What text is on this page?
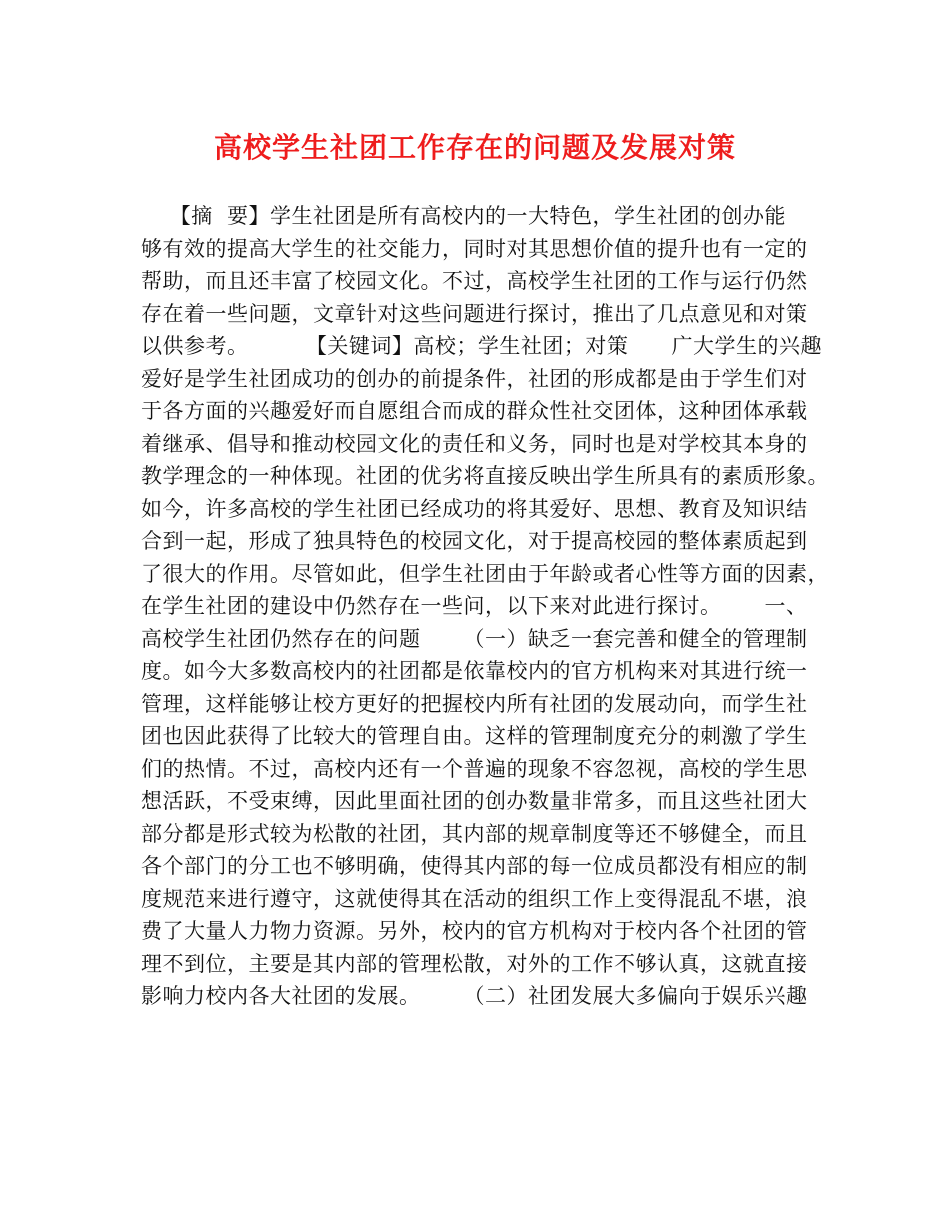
高校学生社团工作存在的问题及发展对策
【摘  要】学生社团是所有高校内的一大特色，学生社团的创办能
够有效的提高大学生的社交能力，同时对其思想价值的提升也有一定的
帮助，而且还丰富了校园文化。不过，高校学生社团的工作与运行仍然
存在着一些问题，文章针对这些问题进行探讨，推出了几点意见和对策
以供参考。        【关键词】高校；学生社团；对策      广大学生的兴趣
爱好是学生社团成功的创办的前提条件，社团的形成都是由于学生们对
于各方面的兴趣爱好而自愿组合而成的群众性社交团体，这种团体承载
着继承、倡导和推动校园文化的责任和义务，同时也是对学校其本身的
教学理念的一种体现。社团的优劣将直接反映出学生所具有的素质形象。
如今，许多高校的学生社团已经成功的将其爱好、思想、教育及知识结
合到一起，形成了独具特色的校园文化，对于提高校园的整体素质起到
了很大的作用。尽管如此，但学生社团由于年龄或者心性等方面的因素，
在学生社团的建设中仍然存在一些问，以下来对此进行探讨。      一、
高校学生社团仍然存在的问题      （一）缺乏一套完善和健全的管理制
度。如今大多数高校内的社团都是依靠校内的官方机构来对其进行统一
管理，这样能够让校方更好的把握校内所有社团的发展动向，而学生社
团也因此获得了比较大的管理自由。这样的管理制度充分的刺激了学生
们的热情。不过，高校内还有一个普遍的现象不容忽视，高校的学生思
想活跃，不受束缚，因此里面社团的创办数量非常多，而且这些社团大
部分都是形式较为松散的社团，其内部的规章制度等还不够健全，而且
各个部门的分工也不够明确，使得其内部的每一位成员都没有相应的制
度规范来进行遵守，这就使得其在活动的组织工作上变得混乱不堪，浪
费了大量人力物力资源。另外，校内的官方机构对于校内各个社团的管
理不到位，主要是其内部的管理松散，对外的工作不够认真，这就直接
影响力校内各大社团的发展。      （二）社团发展大多偏向于娱乐兴趣
